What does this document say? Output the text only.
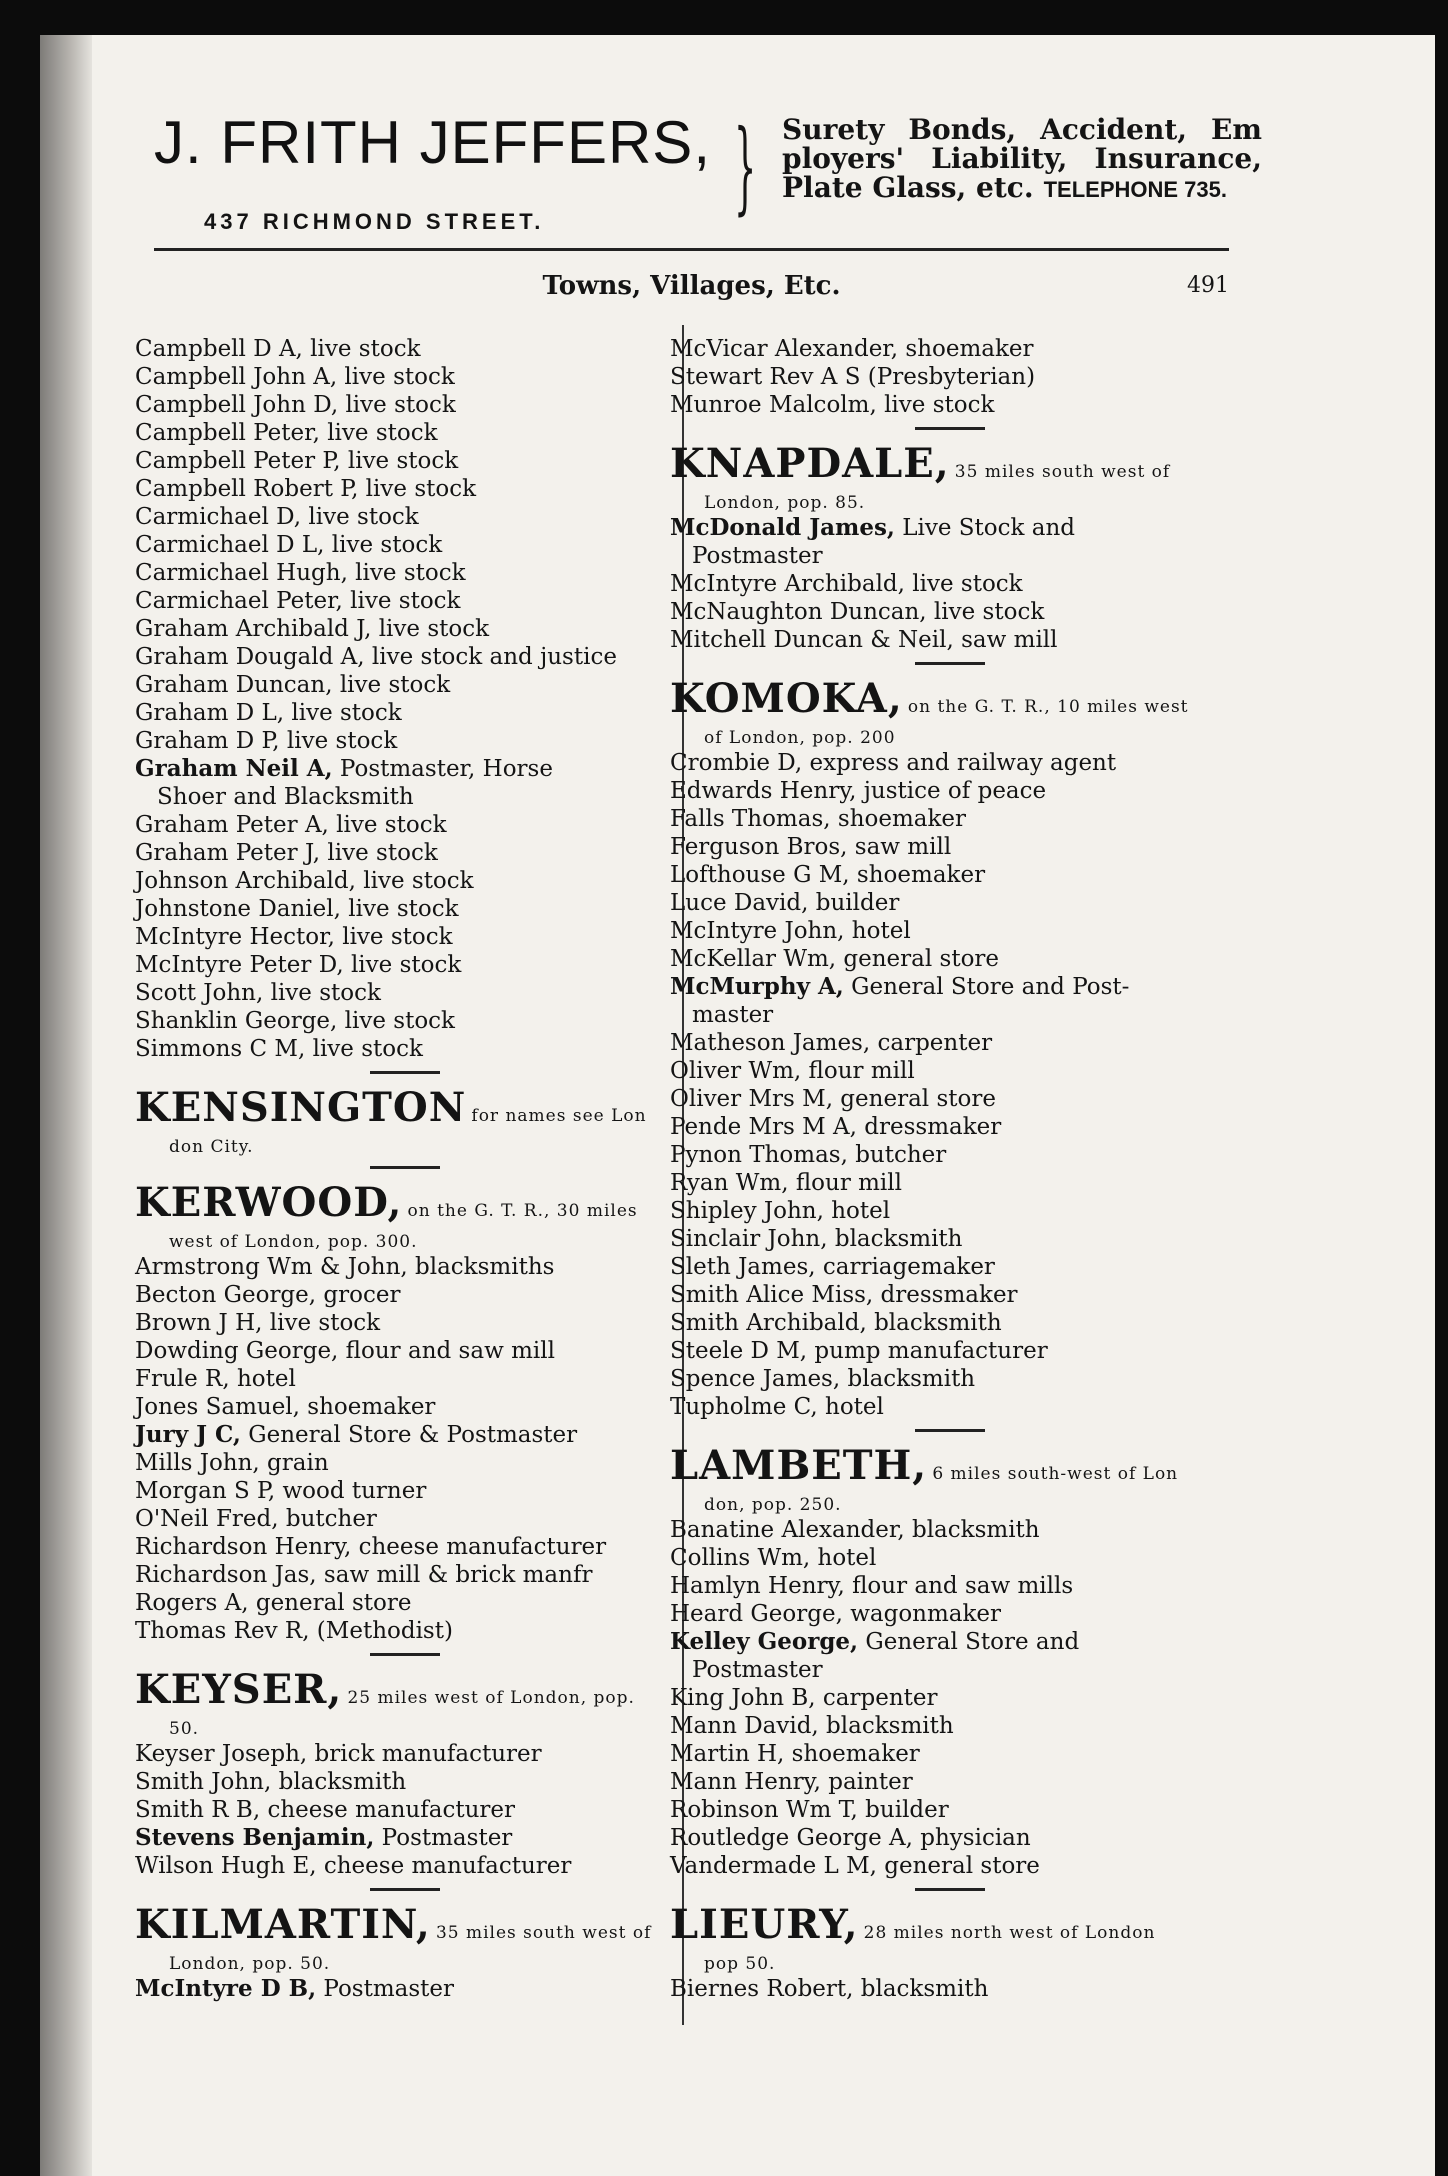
J. FRITH JEFFERS,
437 RICHMOND STREET. } Surety Bonds, Accident, Em
ployers' Liability, Insurance,
Plate Glass, etc. TELEPHONE 735.
Towns, Villages, Etc.	491
Campbell D A, live stock
Campbell John A, live stock
Campbell John D, live stock
Campbell Peter, live stock
Campbell Peter P, live stock
Campbell Robert P, live stock
Carmichael D, live stock
Carmichael D L, live stock
Carmichael Hugh, live stock
Carmichael Peter, live stock
Graham Archibald J, live stock
Graham Dougald A, live stock and justice
Graham Duncan, live stock
Graham D L, live stock
Graham D P, live stock
Graham Neil A, Postmaster, Horse
Shoer and Blacksmith
Graham Peter A, live stock
Graham Peter J, live stock
Johnson Archibald, live stock
Johnstone Daniel, live stock
McIntyre Hector, live stock
McIntyre Peter D, live stock
Scott John, live stock
Shanklin George, live stock
Simmons C M, live stock
KENSINGTON for names see Lon
don City.
KERWOOD, on the G. T. R., 30 miles
west of London, pop. 300.
Armstrong Wm & John, blacksmiths
Becton George, grocer
Brown J H, live stock
Dowding George, flour and saw mill
Frule R, hotel
Jones Samuel, shoemaker
Jury J C, General Store & Postmaster
Mills John, grain
Morgan S P, wood turner
O'Neil Fred, butcher
Richardson Henry, cheese manufacturer
Richardson Jas, saw mill & brick manfr
Rogers A, general store
Thomas Rev R, (Methodist)
KEYSER, 25 miles west of London, pop.
50.
Keyser Joseph, brick manufacturer
Smith John, blacksmith
Smith R B, cheese manufacturer
Stevens Benjamin, Postmaster
Wilson Hugh E, cheese manufacturer
KILMARTIN, 35 miles south west of
London, pop. 50.
McIntyre D B, Postmaster
McVicar Alexander, shoemaker
Stewart Rev A S (Presbyterian)
Munroe Malcolm, live stock
KNAPDALE, 35 miles south west of
London, pop. 85.
McDonald James, Live Stock and
Postmaster
McIntyre Archibald, live stock
McNaughton Duncan, live stock
Mitchell Duncan & Neil, saw mill
KOMOKA, on the G. T. R., 10 miles west
of London, pop. 200
Crombie D, express and railway agent
Edwards Henry, justice of peace
Falls Thomas, shoemaker
Ferguson Bros, saw mill
Lofthouse G M, shoemaker
Luce David, builder
McIntyre John, hotel
McKellar Wm, general store
McMurphy A, General Store and Post-
master
Matheson James, carpenter
Oliver Wm, flour mill
Oliver Mrs M, general store
Pende Mrs M A, dressmaker
Pynon Thomas, butcher
Ryan Wm, flour mill
Shipley John, hotel
Sinclair John, blacksmith
Sleth James, carriagemaker
Smith Alice Miss, dressmaker
Smith Archibald, blacksmith
Steele D M, pump manufacturer
Spence James, blacksmith
Tupholme C, hotel
LAMBETH, 6 miles south-west of Lon
don, pop. 250.
Banatine Alexander, blacksmith
Collins Wm, hotel
Hamlyn Henry, flour and saw mills
Heard George, wagonmaker
Kelley George, General Store and
Postmaster
King John B, carpenter
Mann David, blacksmith
Martin H, shoemaker
Mann Henry, painter
Robinson Wm T, builder
Routledge George A, physician
Vandermade L M, general store
LIEURY, 28 miles north west of London
pop 50.
Biernes Robert, blacksmith
